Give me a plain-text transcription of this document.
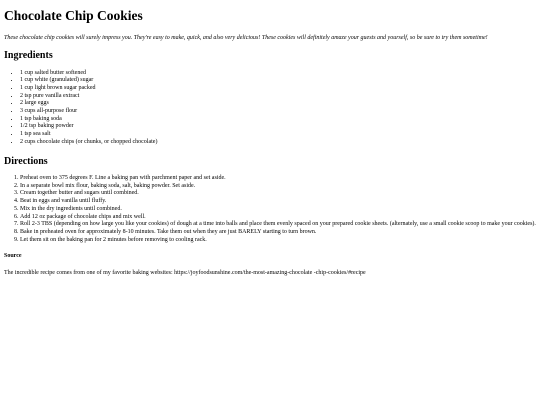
Chocolate Chip Cookies

These chocolate chip cookies will surely impress you. They're easy to make, quick, and also very delicious! These cookies will definitely amaze your guests and yourself, so be sure to try them sometime!

Ingredients
• 1 cup salted butter softened
• 1 cup white (granulated) sugar
• 1 cup light brown sugar packed
• 2 tsp pure vanilla extract
• 2 large eggs
• 3 cups all-purpose flour
• 1 tsp baking soda
• 1/2 tsp baking powder
• 1 tsp sea salt
• 2 cups chocolate chips (or chunks, or chopped chocolate)
Directions
1. Preheat oven to 375 degrees F. Line a baking pan with parchment paper and set aside.
2. In a separate bowl mix flour, baking soda, salt, baking powder. Set aside.
3. Cream together butter and sugars until combined.
4. Beat in eggs and vanilla until fluffy.
5. Mix in the dry ingredients until combined.
6. Add 12 oz package of chocolate chips and mix well.
7. Roll 2-3 TBS (depending on how large you like your cookies) of dough at a time into balls and place them evenly spaced on your prepared cookie sheets. (alternately, use a small cookie scoop to make your cookies).
8. Bake in preheated oven for approximately 8-10 minutes. Take them out when they are just BARELY starting to turn brown.
9. Let them sit on the baking pan for 2 minutes before removing to cooling rack.
Source

The incredible recipe comes from one of my favorite baking websites: https://joyfoodsunshine.com/the-most-amazing-chocolate -chip-cookies/#recipe
